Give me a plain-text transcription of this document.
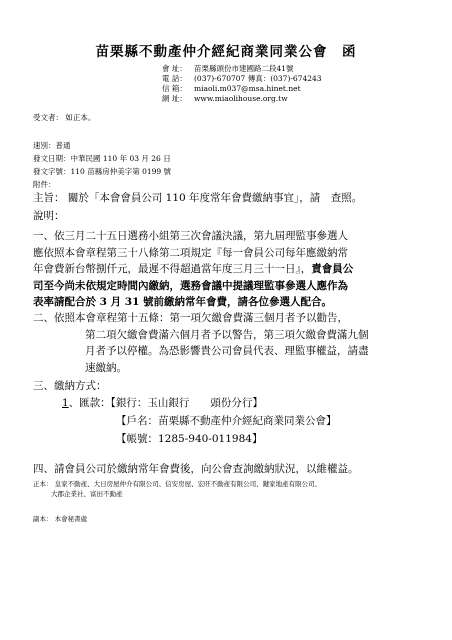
苗栗縣不動產仲介經紀商業同業公會　函
會 址： 苗栗縣頭份市建國路二段41號
電 話： (037)-670707 傳真：(037)-674243
信 箱： miaoli.m037@msa.hinet.net
網 址： www.miaolihouse.org.tw
受文者： 如正本。
速別：普通
發文日期：中華民國 110 年 03 月 26 日
發文字號：110 苗縣房仲美字第 0199 號
附件：
主旨： 關於「本會會員公司 110 年度常年會費繳納事宜」，請　查照。
說明：
一、依三月二十五日選務小組第三次會議決議，第九屆理監事參選人
應依照本會章程第三十八條第二項規定『每一會員公司每年應繳納常
年會費新台幣捌仟元，最遲不得超過當年度三月三十一日』，責會員公
司至今尚未依規定時間內繳納，選務會議中提議理監事參選人應作為
表率請配合於 3 月 31 號前繳納常年會費，請各位參選人配合。
二、依照本會章程第十五條：第一項欠繳會費滿三個月者予以勸告，
第二項欠繳會費滿六個月者予以警告，第三項欠繳會費滿九個
月者予以停權。為恐影響貴公司會員代表、理監事權益，請盡
速繳納。
三、繳納方式：
1、匯款：【銀行：玉山銀行　　頭份分行】
【戶名：苗栗縣不動產仲介經紀商業同業公會】
【帳號：1285-940-011984】
四、請會員公司於繳納常年會費後，向公會查詢繳納狀況，以維權益。
正本： 皇家不動產、大日房屋仲介有限公司、信安房屋、宏旺不動產有限公司、鍵家地產有限公司、
大郡企業社、富田不動產
副本： 本會秘書處
